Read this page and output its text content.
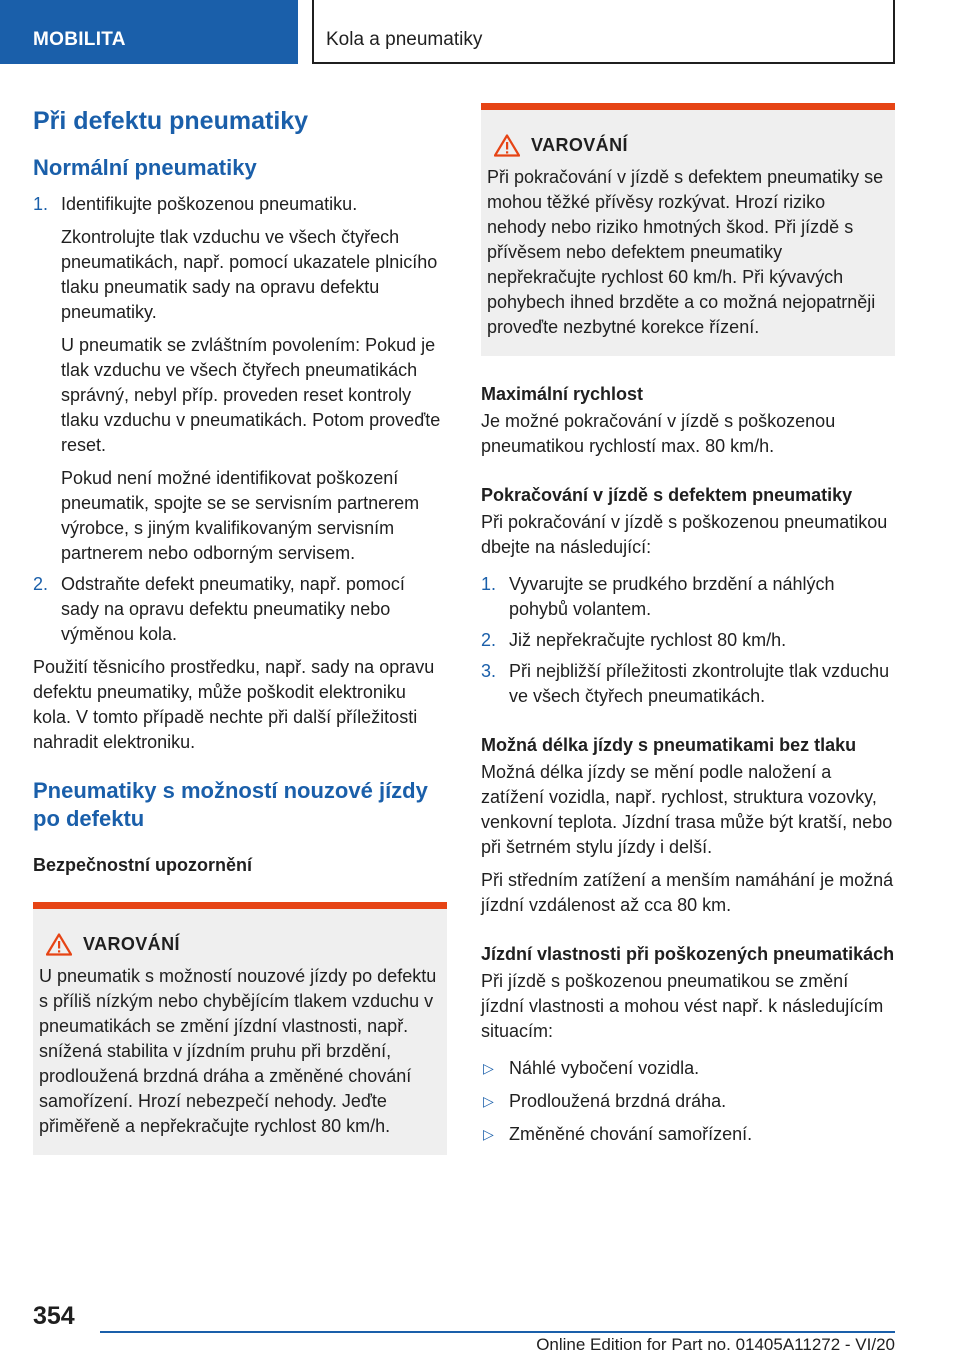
MOBILITA	Kola a pneumatiky
Při defektu pneumatiky
Normální pneumatiky
1. Identifikujte poškozenou pneumatiku.
Zkontrolujte tlak vzduchu ve všech čtyřech pneumatikách, např. pomocí ukazatele plnicího tlaku pneumatik sady na opravu defektu pneumatiky.
U pneumatik se zvláštním povolením: Pokud je tlak vzduchu ve všech čtyřech pneumatikách správný, nebyl příp. proveden reset kontroly tlaku vzduchu v pneumatikách. Potom proveďte reset.
Pokud není možné identifikovat poškození pneumatik, spojte se se servisním partnerem výrobce, s jiným kvalifikovaným servisním partnerem nebo odborným servisem.
2. Odstraňte defekt pneumatiky, např. pomocí sady na opravu defektu pneumatiky nebo výměnou kola.
Použití těsnicího prostředku, např. sady na opravu defektu pneumatiky, může poškodit elektroniku kola. V tomto případě nechte při další příležitosti nahradit elektroniku.
Pneumatiky s možností nouzové jízdy po defektu
Bezpečnostní upozornění
VAROVÁNÍ
U pneumatik s možností nouzové jízdy po defektu s příliš nízkým nebo chybějícím tlakem vzduchu v pneumatikách se změní jízdní vlastnosti, např. snížená stabilita v jízdním pruhu při brzdění, prodloužená brzdná dráha a změněné chování samořízení. Hrozí nebezpečí nehody. Jeďte přiměřeně a nepřekračujte rychlost 80 km/h.
VAROVÁNÍ
Při pokračování v jízdě s defektem pneumatiky se mohou těžké přívěsy rozkývat. Hrozí riziko nehody nebo riziko hmotných škod. Při jízdě s přívěsem nebo defektem pneumatiky nepřekračujte rychlost 60 km/h. Při kývavých pohybech ihned brzděte a co možná nejopatrněji proveďte nezbytné korekce řízení.
Maximální rychlost
Je možné pokračování v jízdě s poškozenou pneumatikou rychlostí max. 80 km/h.
Pokračování v jízdě s defektem pneumatiky
Při pokračování v jízdě s poškozenou pneumatikou dbejte na následující:
1. Vyvarujte se prudkého brzdění a náhlých pohybů volantem.
2. Již nepřekračujte rychlost 80 km/h.
3. Při nejbližší příležitosti zkontrolujte tlak vzduchu ve všech čtyřech pneumatikách.
Možná délka jízdy s pneumatikami bez tlaku
Možná délka jízdy se mění podle naložení a zatížení vozidla, např. rychlost, struktura vozovky, venkovní teplota. Jízdní trasa může být kratší, nebo při šetrném stylu jízdy i delší.
Při středním zatížení a menším namáhání je možná jízdní vzdálenost až cca 80 km.
Jízdní vlastnosti při poškozených pneumatikách
Při jízdě s poškozenou pneumatikou se změní jízdní vlastnosti a mohou vést např. k následujícím situacím:
▷ Náhlé vybočení vozidla.
▷ Prodloužená brzdná dráha.
▷ Změněné chování samořízení.
354
Online Edition for Part no. 01405A11272 - VI/20
